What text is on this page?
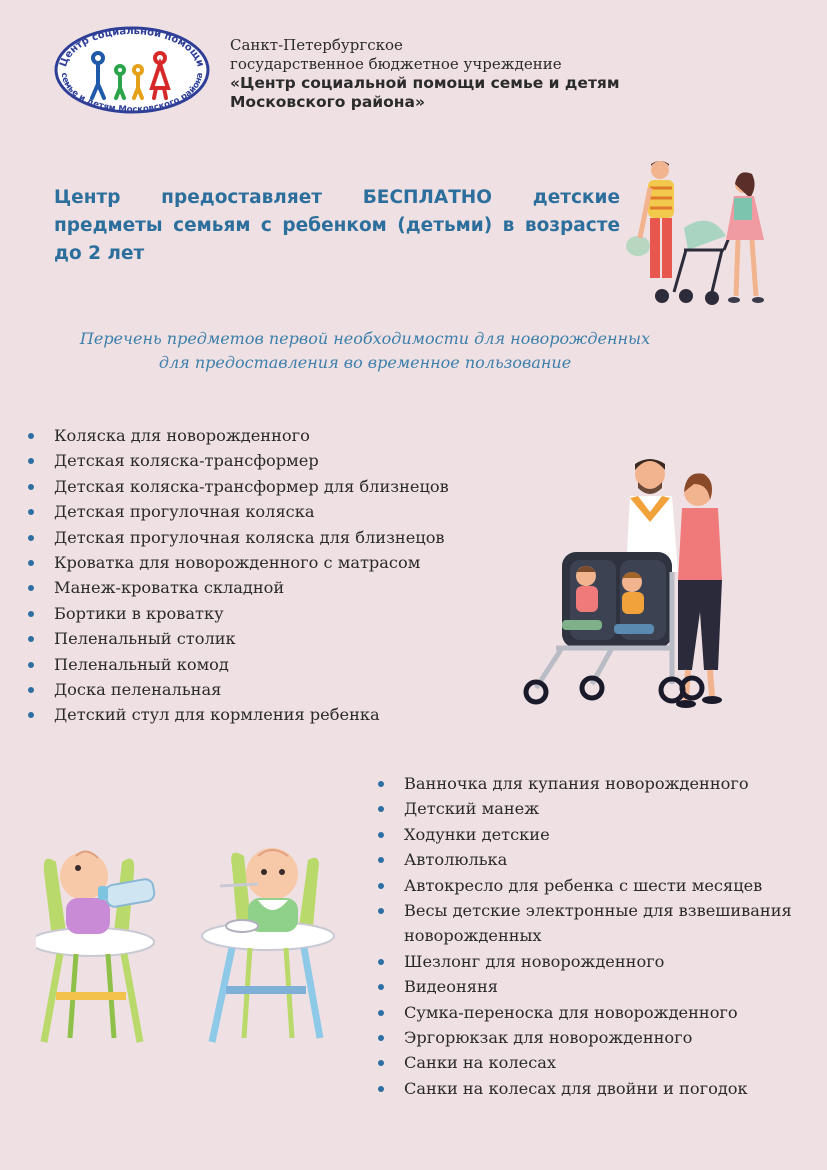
Центр социальной помощи
семье и детям Московского района
Санкт-Петербургское
государственное бюджетное учреждение
«Центр социальной помощи семье и детям
Московского района»
Центр предоставляет БЕСПЛАТНО детские предметы семьям с ребенком (детьми) в возрасте до 2 лет
Перечень предметов первой необходимости для новорожденных
для предоставления во временное пользование
Коляска для новорожденного
Детская коляска-трансформер
Детская коляска-трансформер для близнецов
Детская прогулочная коляска
Детская прогулочная коляска для близнецов
Кроватка для новорожденного с матрасом
Манеж-кроватка складной
Бортики в кроватку
Пеленальный столик
Пеленальный комод
Доска пеленальная
Детский стул для кормления ребенка
Ванночка для купания новорожденного
Детский манеж
Ходунки детские
Автолюлька
Автокресло для ребенка с шести месяцев
Весы детские электронные для взвешивания новорожденных
Шезлонг для новорожденного
Видеоняня
Сумка-переноска для новорожденного
Эргорюкзак для новорожденного
Санки на колесах
Санки на колесах для двойни и погодок
